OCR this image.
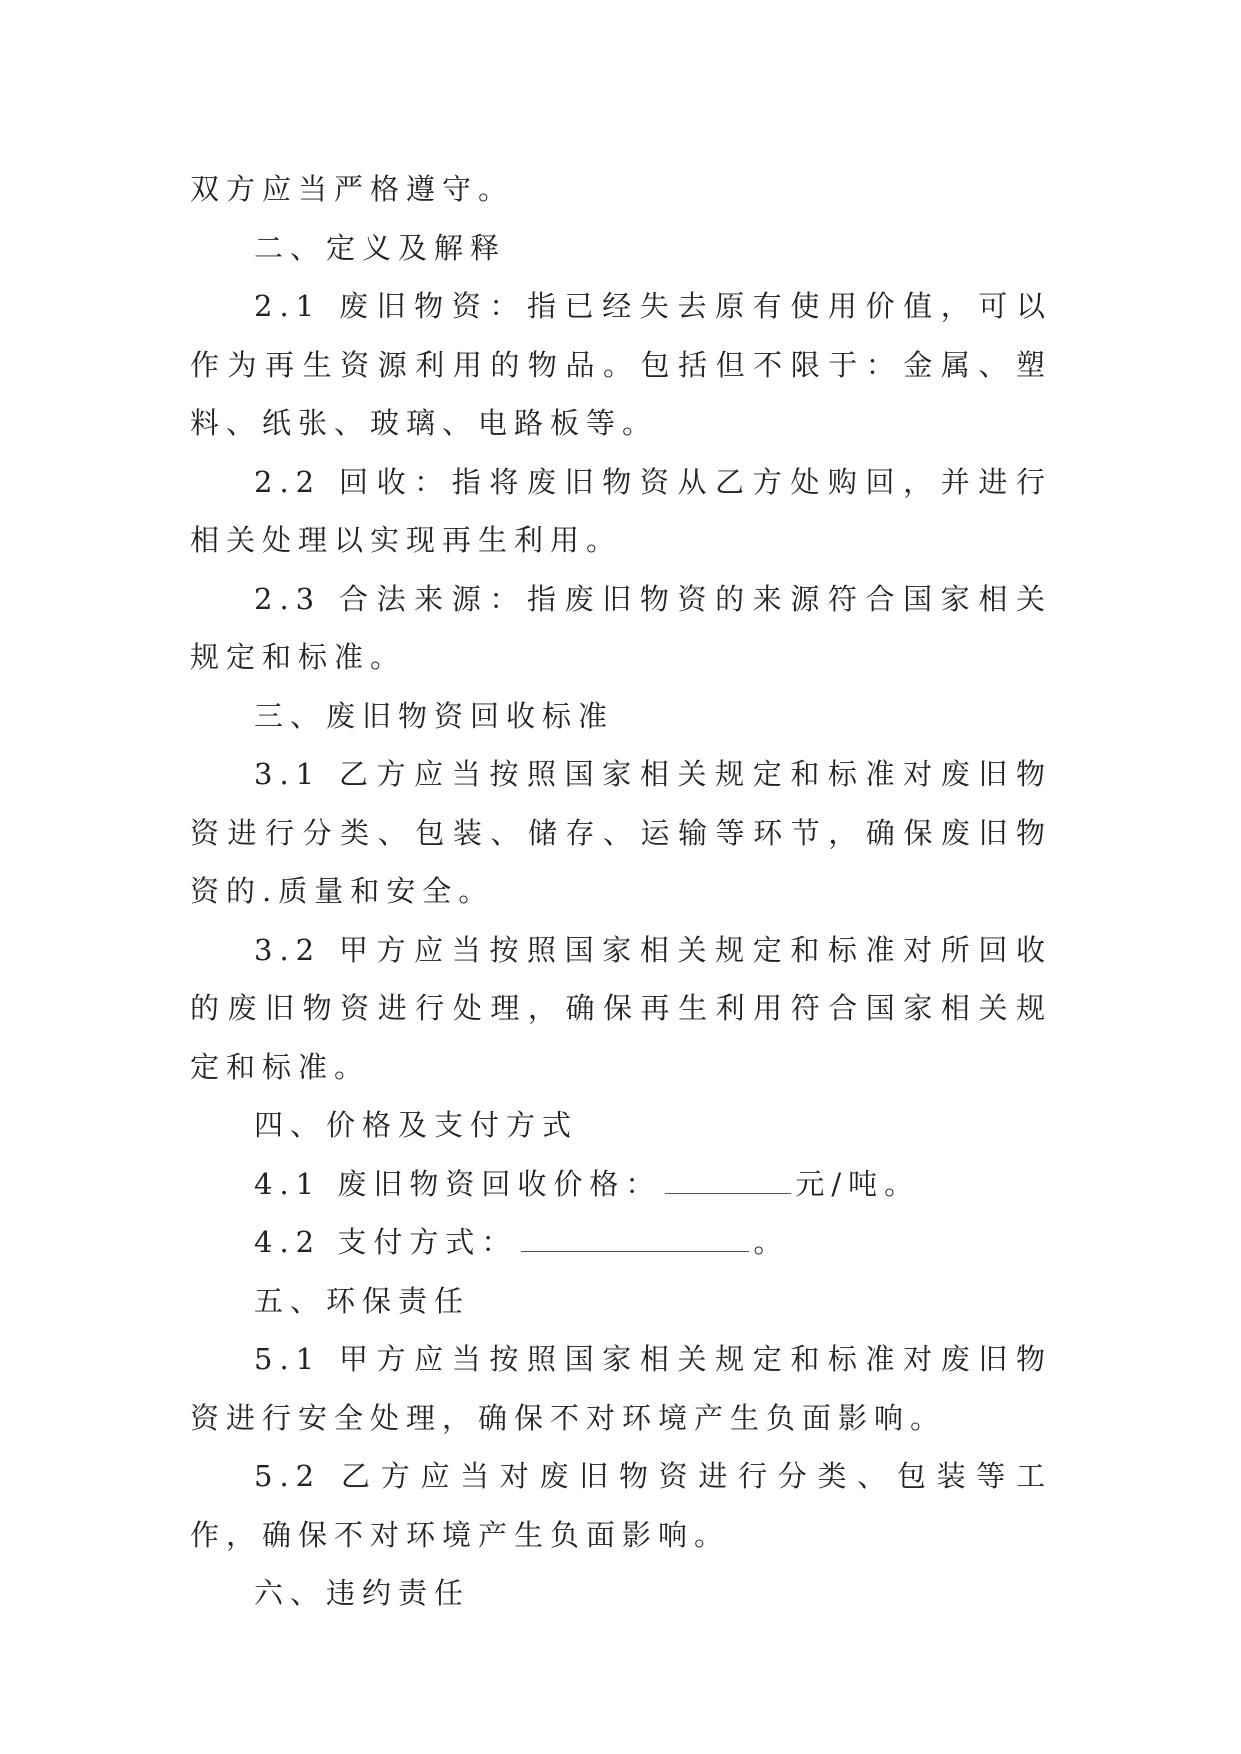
双方应当严格遵守。

二、定义及解释

2.1 废旧物资：指已经失去原有使用价值，可以作为再生资源利用的物品。包括但不限于：金属、塑料、纸张、玻璃、电路板等。

2.2 回收：指将废旧物资从乙方处购回，并进行相关处理以实现再生利用。

2.3 合法来源：指废旧物资的来源符合国家相关规定和标准。

三、废旧物资回收标准

3.1 乙方应当按照国家相关规定和标准对废旧物资进行分类、包装、储存、运输等环节，确保废旧物资的.质量和安全。

3.2 甲方应当按照国家相关规定和标准对所回收的废旧物资进行处理，确保再生利用符合国家相关规定和标准。

四、价格及支付方式

4.1 废旧物资回收价格：	元/吨。

4.2 支付方式：	。

五、环保责任

5.1 甲方应当按照国家相关规定和标准对废旧物资进行安全处理，确保不对环境产生负面影响。

5.2 乙方应当对废旧物资进行分类、包装等工作，确保不对环境产生负面影响。

六、违约责任
